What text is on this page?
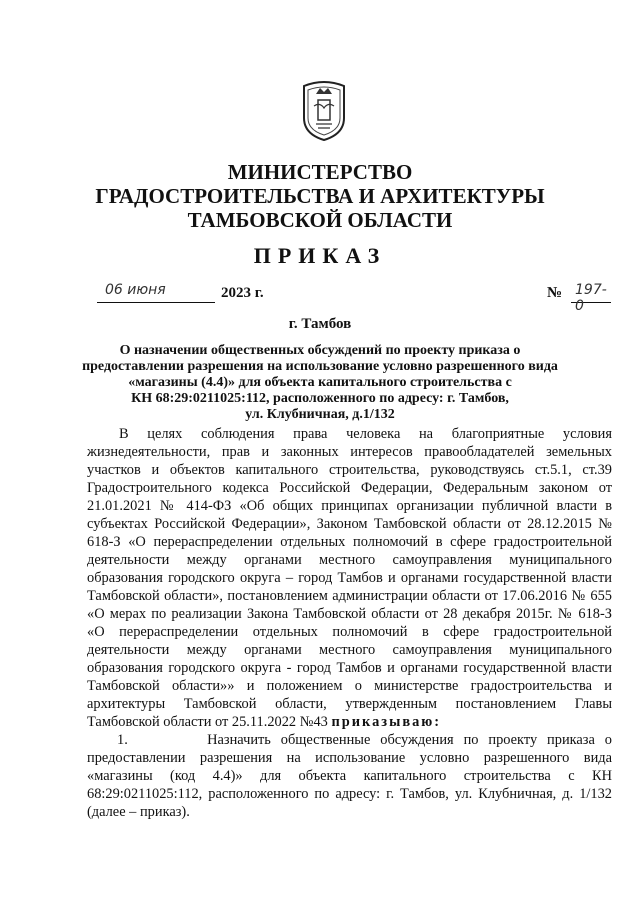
МИНИСТЕРСТВО
ГРАДОСТРОИТЕЛЬСТВА И АРХИТЕКТУРЫ
ТАМБОВСКОЙ ОБЛАСТИ
ПРИКАЗ
06 июня	2023 г.	№ 197-0
г. Тамбов
О назначении общественных обсуждений по проекту приказа о
предоставлении разрешения на использование условно разрешенного вида
«магазины (4.4)» для объекта капитального строительства с
КН 68:29:0211025:112, расположенного по адресу: г. Тамбов,
ул. Клубничная, д.1/132

В целях соблюдения права человека на благоприятные условия жизнедеятельности, прав и законных интересов правообладателей земельных участков и объектов капитального строительства, руководствуясь ст.5.1, ст.39 Градостроительного кодекса Российской Федерации, Федеральным законом от 21.01.2021 № 414-ФЗ «Об общих принципах организации публичной власти в субъектах Российской Федерации», Законом Тамбовской области от 28.12.2015 № 618-З «О перераспределении отдельных полномочий в сфере градостроительной деятельности между органами местного самоуправления муниципального образования городского округа – город Тамбов и органами государственной власти Тамбовской области», постановлением администрации области от 17.06.2016 № 655 «О мерах по реализации Закона Тамбовской области от 28 декабря 2015г. № 618-З «О перераспределении отдельных полномочий в сфере градостроительной деятельности между органами местного самоуправления муниципального образования городского округа - город Тамбов и органами государственной власти Тамбовской области»» и положением о министерстве градостроительства и архитектуры Тамбовской области, утвержденным постановлением Главы Тамбовской области от 25.11.2022 №43 приказываю:

1.        Назначить общественные обсуждения по проекту приказа о предоставлении разрешения на использование условно разрешенного вида «магазины (код 4.4)» для объекта капитального строительства с КН 68:29:0211025:112, расположенного по адресу: г. Тамбов, ул. Клубничная, д. 1/132 (далее – приказ).
